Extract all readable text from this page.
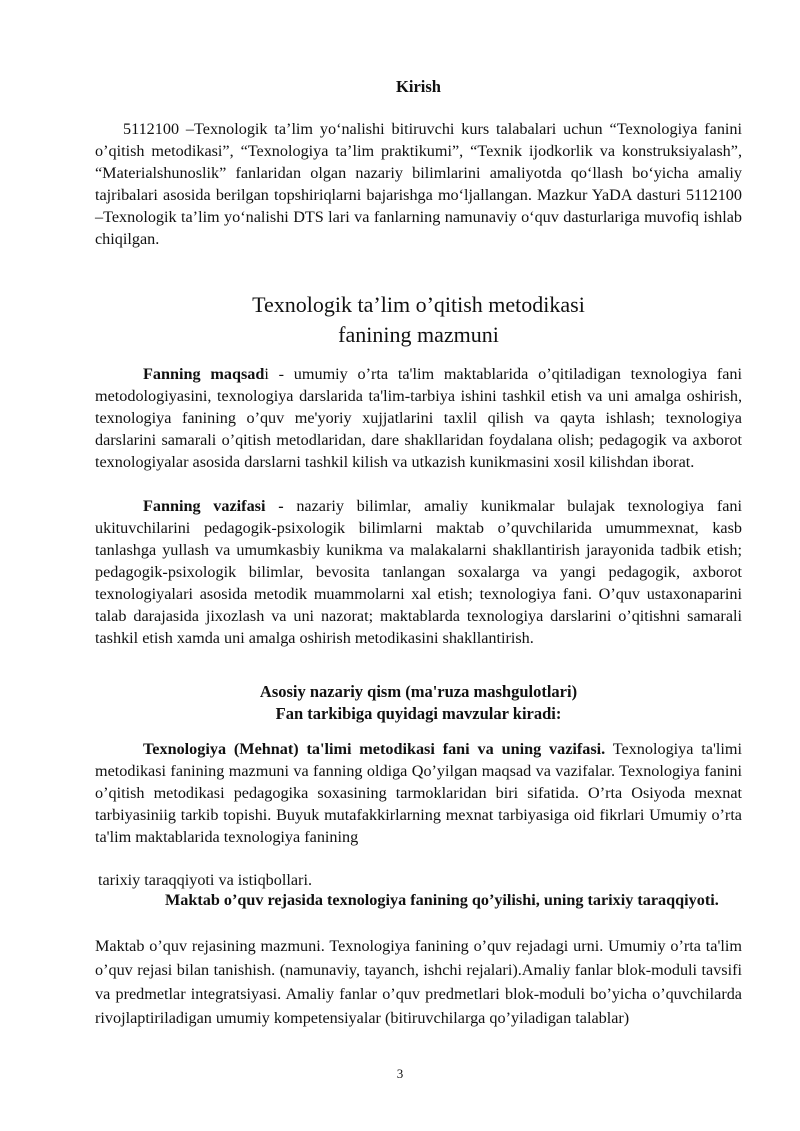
Kirish

5112100 –Texnologik ta’lim yo‘nalishi bitiruvchi kurs talabalari uchun “Texnologiya fanini o’qitish metodikasi”, “Texnologiya ta’lim praktikumi”, “Texnik ijodkorlik va konstruksiyalash”, “Materialshunoslik” fanlaridan olgan nazariy bilimlarini amaliyotda qo‘llash bo‘yicha amaliy tajribalari asosida berilgan topshiriqlarni bajarishga mo‘ljallangan. Mazkur YaDA dasturi 5112100 –Texnologik ta’lim yo‘nalishi DTS lari va fanlarning namunaviy o‘quv dasturlariga muvofiq ishlab chiqilgan.

Texnologik ta’lim o’qitish metodikasi
fanining mazmuni

Fanning maqsadi - umumiy o’rta ta'lim maktablarida o’qitiladigan texnologiya fani metodologiyasini, texnologiya darslarida ta'lim-tarbiya ishini tashkil etish va uni amalga oshirish, texnologiya fanining o’quv me'yoriy xujjatlarini taxlil qilish va qayta ishlash; texnologiya darslarini samarali o’qitish metodlaridan, dare shakllaridan foydalana olish; pedagogik va axborot texnologiyalar asosida darslarni tashkil kilish va utkazish kunikmasini xosil kilishdan iborat.

Fanning vazifasi - nazariy bilimlar, amaliy kunikmalar bulajak texnologiya fani ukituvchilarini pedagogik-psixologik bilimlarni maktab o’quvchilarida umummexnat, kasb tanlashga yullash va umumkasbiy kunikma va malakalarni shakllantirish jarayonida tadbik etish; pedagogik-psixologik bilimlar, bevosita tanlangan soxalarga va yangi pedagogik, axborot texnologiyalari asosida metodik muammolarni xal etish; texnologiya fani. O’quv ustaxonaparini talab darajasida jixozlash va uni nazorat; maktablarda texnologiya darslarini o’qitishni samarali tashkil etish xamda uni amalga oshirish metodikasini shakllantirish.

Asosiy nazariy qism (ma'ruza mashgulotlari)
Fan tarkibiga quyidagi mavzular kiradi:

Texnologiya (Mehnat) ta'limi metodikasi fani va uning vazifasi. Texnologiya ta'limi metodikasi fanining mazmuni va fanning oldiga Qo’yilgan maqsad va vazifalar. Texnologiya fanini o’qitish metodikasi pedagogika soxasining tarmoklaridan biri sifatida. O’rta Osiyoda mexnat tarbiyasiniig tarkib topishi. Buyuk mutafakkirlarning mexnat tarbiyasiga oid fikrlari Umumiy o’rta ta'lim maktablarida texnologiya fanining

tarixiy taraqqiyoti va istiqbollari.

Maktab o’quv rejasida texnologiya fanining qo’yilishi, uning tarixiy taraqqiyoti.

Maktab o’quv rejasining mazmuni. Texnologiya fanining o’quv rejadagi urni. Umumiy o’rta ta'lim o’quv rejasi bilan tanishish. (namunaviy, tayanch, ishchi rejalari).Amaliy fanlar blok-moduli tavsifi va predmetlar integratsiyasi. Amaliy fanlar o’quv predmetlari blok-moduli bo’yicha o’quvchilarda rivojlaptiriladigan umumiy kompetensiyalar (bitiruvchilarga qo’yiladigan talablar)

3
